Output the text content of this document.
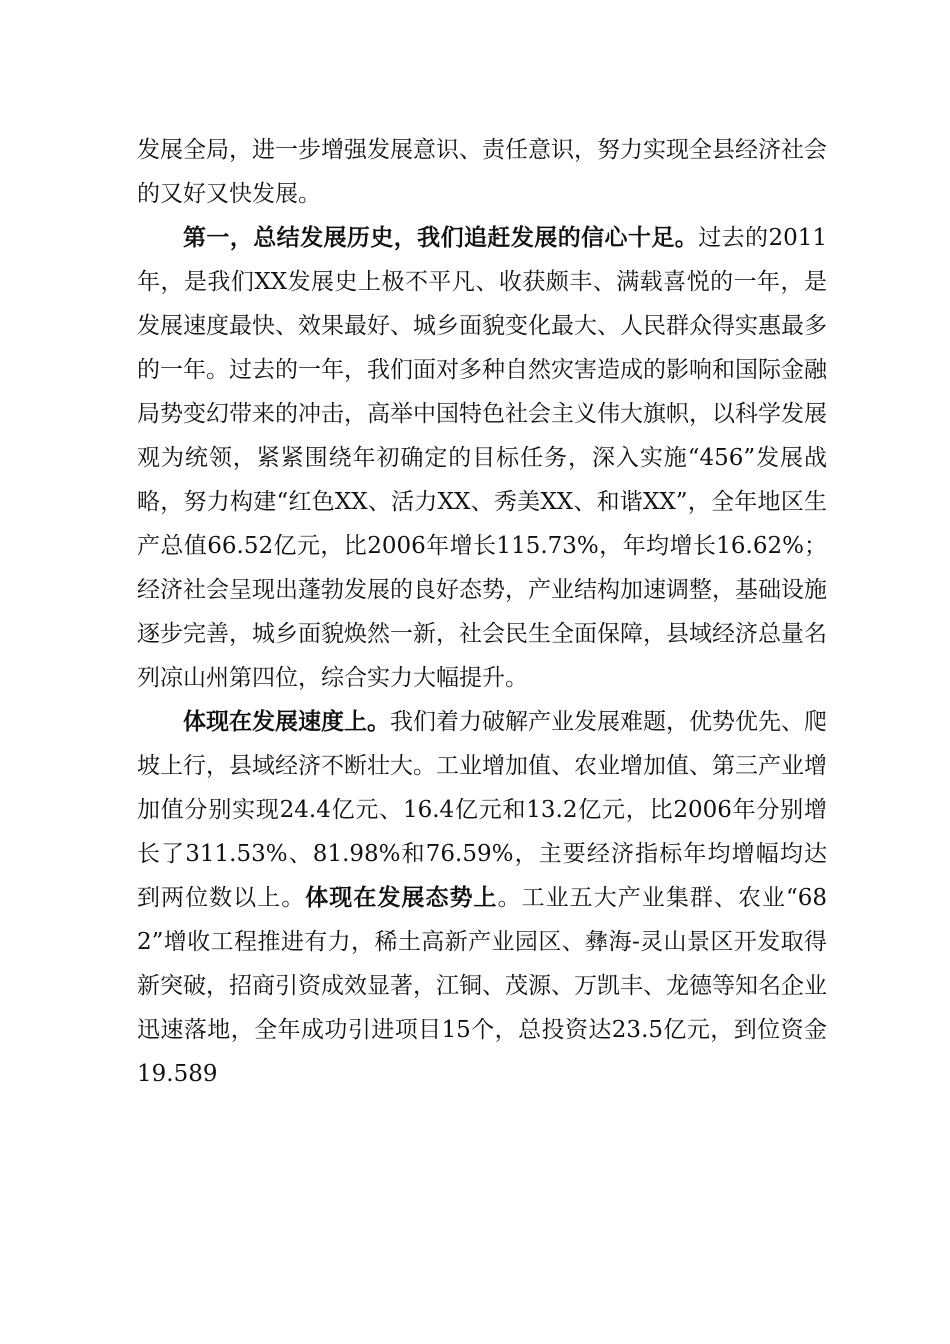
发展全局，进一步增强发展意识、责任意识，努力实现全县经济社会的又好又快发展。

第一，总结发展历史，我们追赶发展的信心十足。过去的2011年，是我们XX发展史上极不平凡、收获颇丰、满载喜悦的一年，是发展速度最快、效果最好、城乡面貌变化最大、人民群众得实惠最多的一年。过去的一年，我们面对多种自然灾害造成的影响和国际金融局势变幻带来的冲击，高举中国特色社会主义伟大旗帜，以科学发展观为统领，紧紧围绕年初确定的目标任务，深入实施“456”发展战略，努力构建“红色XX、活力XX、秀美XX、和谐XX”，全年地区生产总值66.52亿元，比2006年增长115.73%，年均增长16.62%；经济社会呈现出蓬勃发展的良好态势，产业结构加速调整，基础设施逐步完善，城乡面貌焕然一新，社会民生全面保障，县域经济总量名列凉山州第四位，综合实力大幅提升。

体现在发展速度上。我们着力破解产业发展难题，优势优先、爬坡上行，县域经济不断壮大。工业增加值、农业增加值、第三产业增加值分别实现24.4亿元、16.4亿元和13.2亿元，比2006年分别增长了311.53%、81.98%和76.59%，主要经济指标年均增幅均达到两位数以上。体现在发展态势上。工业五大产业集群、农业“682”增收工程推进有力，稀土高新产业园区、彝海-灵山景区开发取得新突破，招商引资成效显著，江铜、茂源、万凯丰、龙德等知名企业迅速落地，全年成功引进项目15个，总投资达23.5亿元，到位资金19.589
